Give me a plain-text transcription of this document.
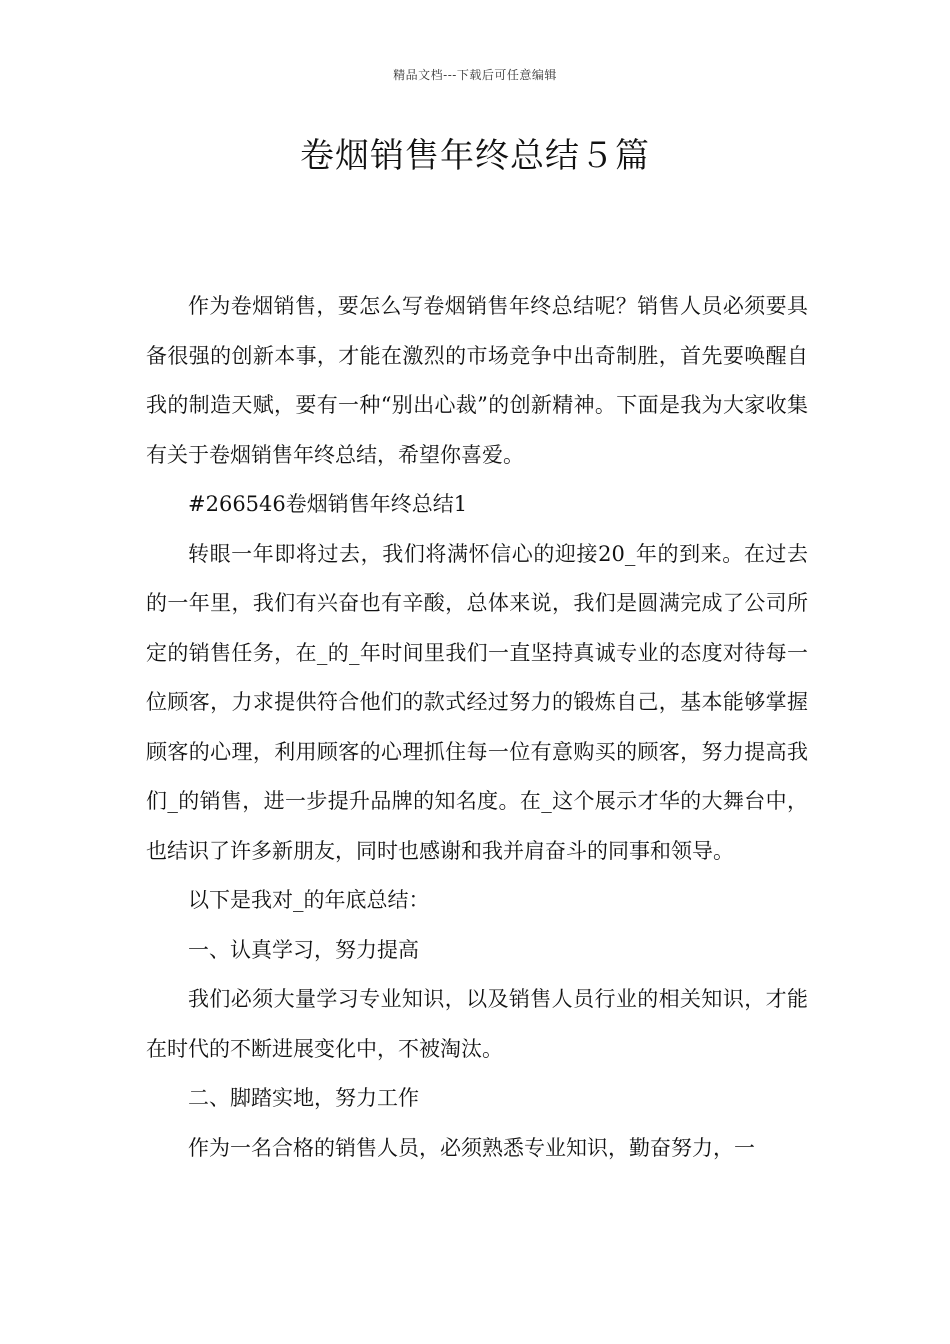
精品文档---下载后可任意编辑
卷烟销售年终总结５篇

作为卷烟销售，要怎么写卷烟销售年终总结呢？销售人员必须要具备很强的创新本事，才能在激烈的市场竞争中出奇制胜，首先要唤醒自我的制造天赋，要有一种“别出心裁”的创新精神。下面是我为大家收集有关于卷烟销售年终总结，希望你喜爱。

#266546卷烟销售年终总结1

转眼一年即将过去，我们将满怀信心的迎接20_年的到来。在过去的一年里，我们有兴奋也有辛酸，总体来说，我们是圆满完成了公司所定的销售任务，在_的_年时间里我们一直坚持真诚专业的态度对待每一位顾客，力求提供符合他们的款式经过努力的锻炼自己，基本能够掌握顾客的心理，利用顾客的心理抓住每一位有意购买的顾客，努力提高我们_的销售，进一步提升品牌的知名度。在_这个展示才华的大舞台中，也结识了许多新朋友，同时也感谢和我并肩奋斗的同事和领导。

以下是我对_的年底总结：

一、认真学习，努力提高

我们必须大量学习专业知识，以及销售人员行业的相关知识，才能在时代的不断进展变化中，不被淘汰。

二、脚踏实地，努力工作

作为一名合格的销售人员，必须熟悉专业知识，勤奋努力，一
